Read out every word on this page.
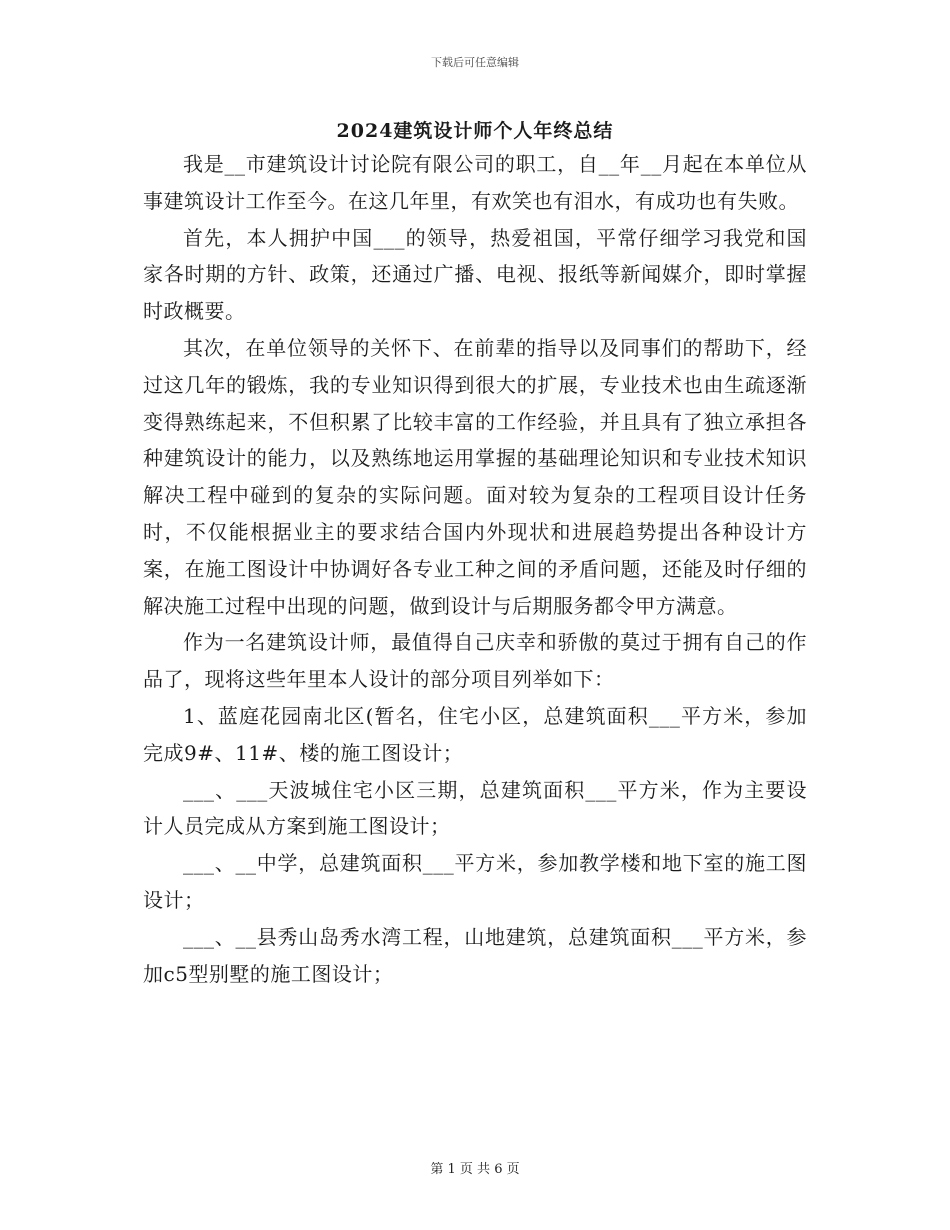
下载后可任意编辑
2024建筑设计师个人年终总结

我是__市建筑设计讨论院有限公司的职工，自__年__月起在本单位从事建筑设计工作至今。在这几年里，有欢笑也有泪水，有成功也有失败。

首先，本人拥护中国___的领导，热爱祖国，平常仔细学习我党和国家各时期的方针、政策，还通过广播、电视、报纸等新闻媒介，即时掌握时政概要。

其次，在单位领导的关怀下、在前辈的指导以及同事们的帮助下，经过这几年的锻炼，我的专业知识得到很大的扩展，专业技术也由生疏逐渐变得熟练起来，不但积累了比较丰富的工作经验，并且具有了独立承担各种建筑设计的能力，以及熟练地运用掌握的基础理论知识和专业技术知识解决工程中碰到的复杂的实际问题。面对较为复杂的工程项目设计任务时，不仅能根据业主的要求结合国内外现状和进展趋势提出各种设计方案，在施工图设计中协调好各专业工种之间的矛盾问题，还能及时仔细的解决施工过程中出现的问题，做到设计与后期服务都令甲方满意。

作为一名建筑设计师，最值得自己庆幸和骄傲的莫过于拥有自己的作品了，现将这些年里本人设计的部分项目列举如下：

1、蓝庭花园南北区(暂名，住宅小区，总建筑面积___平方米，参加完成9#、11#、楼的施工图设计；

___、___天波城住宅小区三期，总建筑面积___平方米，作为主要设计人员完成从方案到施工图设计；

___、__中学，总建筑面积___平方米，参加教学楼和地下室的施工图设计；

___、__县秀山岛秀水湾工程，山地建筑，总建筑面积___平方米，参加c5型别墅的施工图设计；

第 1 页 共 6 页
